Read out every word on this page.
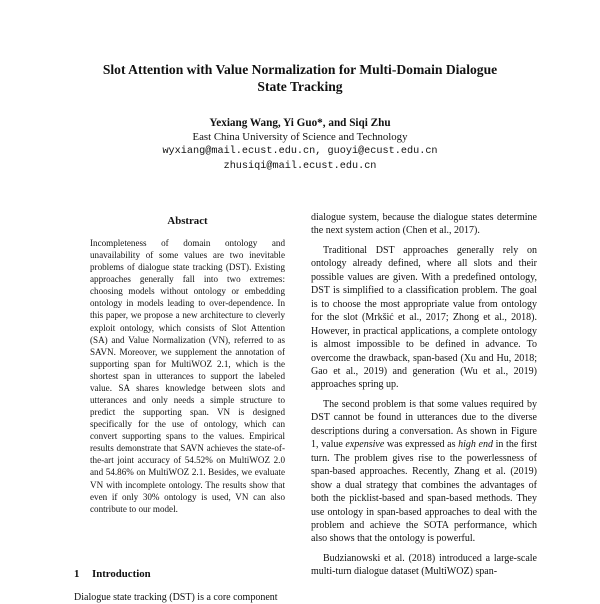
Slot Attention with Value Normalization for Multi-Domain Dialogue
State Tracking
Yexiang Wang, Yi Guo*, and Siqi Zhu
East China University of Science and Technology
wyxiang@mail.ecust.edu.cn, guoyi@ecust.edu.cn
zhusiqi@mail.ecust.edu.cn
Abstract
Incompleteness of domain ontology and unavailability of some values are two inevitable problems of dialogue state tracking (DST). Existing approaches generally fall into two extremes: choosing models without ontology or embedding ontology in models leading to over-dependence. In this paper, we propose a new architecture to cleverly exploit ontology, which consists of Slot Attention (SA) and Value Normalization (VN), referred to as SAVN. Moreover, we supplement the annotation of supporting span for MultiWOZ 2.1, which is the shortest span in utterances to support the labeled value. SA shares knowledge between slots and utterances and only needs a simple structure to predict the supporting span. VN is designed specifically for the use of ontology, which can convert supporting spans to the values. Empirical results demonstrate that SAVN achieves the state-of-the-art joint accuracy of 54.52% on MultiWOZ 2.0 and 54.86% on MultiWOZ 2.1. Besides, we evaluate VN with incomplete ontology. The results show that even if only 30% ontology is used, VN can also contribute to our model.
1 Introduction
Dialogue state tracking (DST) is a core component

dialogue system, because the dialogue states determine the next system action (Chen et al., 2017).

Traditional DST approaches generally rely on ontology already defined, where all slots and their possible values are given. With a predefined ontology, DST is simplified to a classification problem. The goal is to choose the most appropriate value from ontology for the slot (Mrkšić et al., 2017; Zhong et al., 2018). However, in practical applications, a complete ontology is almost impossible to be defined in advance. To overcome the drawback, span-based (Xu and Hu, 2018; Gao et al., 2019) and generation (Wu et al., 2019) approaches spring up.

The second problem is that some values required by DST cannot be found in utterances due to the diverse descriptions during a conversation. As shown in Figure 1, value expensive was expressed as high end in the first turn. The problem gives rise to the powerlessness of span-based approaches. Recently, Zhang et al. (2019) show a dual strategy that combines the advantages of both the picklist-based and span-based methods. They use ontology in span-based approaches to deal with the problem and achieve the SOTA performance, which also shows that the ontology is powerful.

Budzianowski et al. (2018) introduced a large-scale multi-turn dialogue dataset (MultiWOZ) span-
